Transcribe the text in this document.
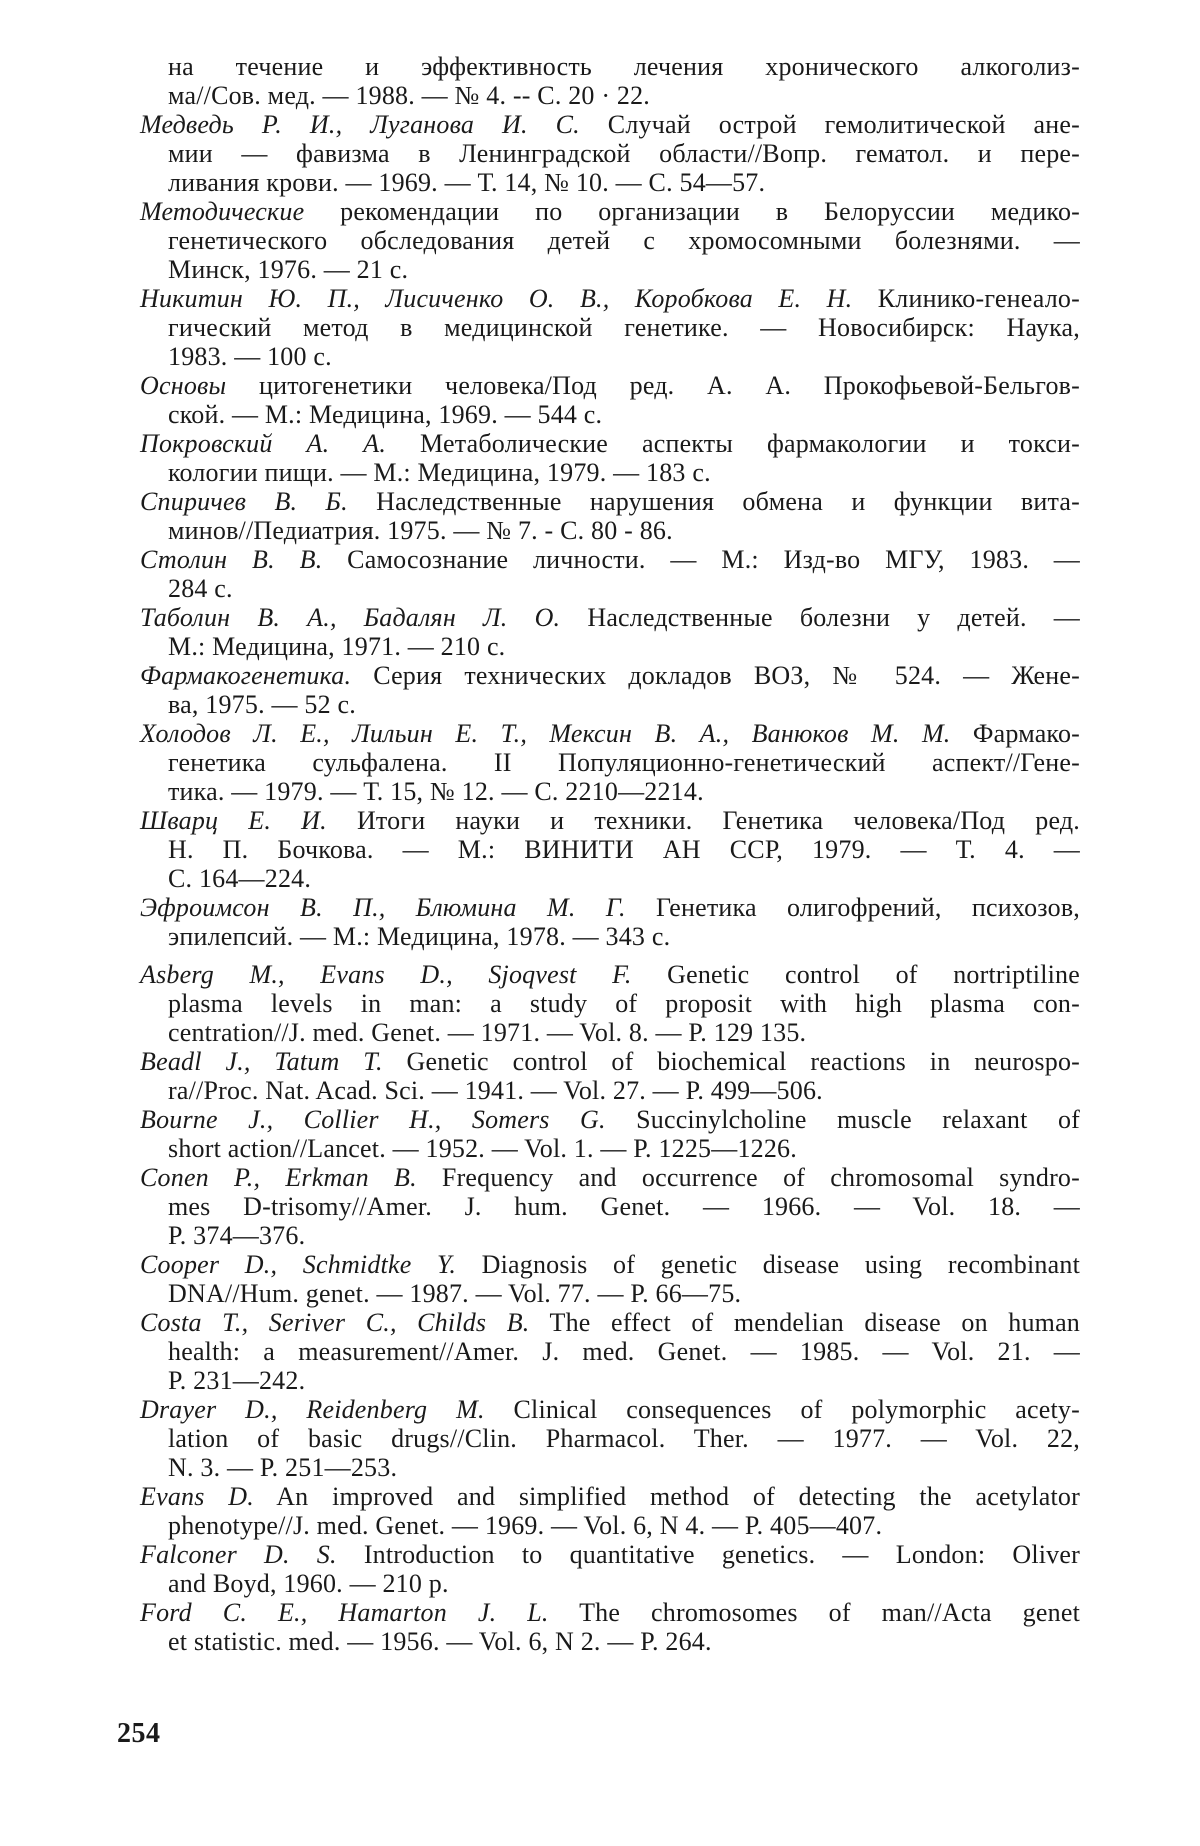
на течение и эффективность лечения хронического алкоголиз-
ма//Сов. мед. — 1988. — № 4. -- С. 20 · 22.
Медведь Р. И., Луганова И. С. Случай острой гемолитической ане-
мии — фавизма в Ленинградской области//Вопр. гематол. и пере-
ливания крови. — 1969. — Т. 14, № 10. — С. 54—57.
Методические рекомендации по организации в Белоруссии медико-
генетического обследования детей с хромосомными болезнями. —
Минск, 1976. — 21 с.
Никитин Ю. П., Лисиченко О. В., Коробкова Е. Н. Клинико-генеало-
гический метод в медицинской генетике. — Новосибирск: Наука,
1983. — 100 с.
Основы цитогенетики человека/Под ред. А. А. Прокофьевой-Бельгов-
ской. — М.: Медицина, 1969. — 544 с.
Покровский А. А. Метаболические аспекты фармакологии и токси-
кологии пищи. — М.: Медицина, 1979. — 183 с.
Спиричев В. Б. Наследственные нарушения обмена и функции вита-
минов//Педиатрия. 1975. — № 7. - С. 80 - 86.
Столин В. В. Самосознание личности. — М.: Изд-во МГУ, 1983. —
284 с.
Таболин В. А., Бадалян Л. О. Наследственные болезни у детей. —
М.: Медицина, 1971. — 210 с.
Фармакогенетика. Серия технических докладов ВОЗ, № 524. — Жене-
ва, 1975. — 52 с.
Холодов Л. Е., Лильин Е. Т., Мексин В. А., Ванюков М. М. Фармако-
генетика сульфалена. II Популяционно-генетический аспект//Гене-
тика. — 1979. — Т. 15, № 12. — С. 2210—2214.
Шварц Е. И. Итоги науки и техники. Генетика человека/Под ред.
Н. П. Бочкова. — М.: ВИНИТИ АН ССР, 1979. — Т. 4. —
С. 164—224.
Эфроимсон В. П., Блюмина М. Г. Генетика олигофрений, психозов,
эпилепсий. — М.: Медицина, 1978. — 343 с.
Asberg M., Evans D., Sjoqvest F. Genetic control of nortriptiline
plasma levels in man: a study of proposit with high plasma con-
centration//J. med. Genet. — 1971. — Vol. 8. — P. 129 135.
Beadl J., Tatum T. Genetic control of biochemical reactions in neurospo-
ra//Proc. Nat. Acad. Sci. — 1941. — Vol. 27. — P. 499—506.
Bourne J., Collier H., Somers G. Succinylcholine muscle relaxant of
short action//Lancet. — 1952. — Vol. 1. — P. 1225—1226.
Conen P., Erkman B. Frequency and occurrence of chromosomal syndro-
mes D-trisomy//Amer. J. hum. Genet. — 1966. — Vol. 18. —
P. 374—376.
Cooper D., Schmidtke Y. Diagnosis of genetic disease using recombinant
DNA//Hum. genet. — 1987. — Vol. 77. — P. 66—75.
Costa T., Seriver C., Childs B. The effect of mendelian disease on human
health: a measurement//Amer. J. med. Genet. — 1985. — Vol. 21. —
P. 231—242.
Drayer D., Reidenberg M. Clinical consequences of polymorphic acety-
lation of basic drugs//Clin. Pharmacol. Ther. — 1977. — Vol. 22,
N. 3. — P. 251—253.
Evans D. An improved and simplified method of detecting the acetylator
phenotype//J. med. Genet. — 1969. — Vol. 6, N 4. — P. 405—407.
Falconer D. S. Introduction to quantitative genetics. — London: Oliver
and Boyd, 1960. — 210 p.
Ford C. E., Hamarton J. L. The chromosomes of man//Acta genet
et statistic. med. — 1956. — Vol. 6, N 2. — P. 264.
254
